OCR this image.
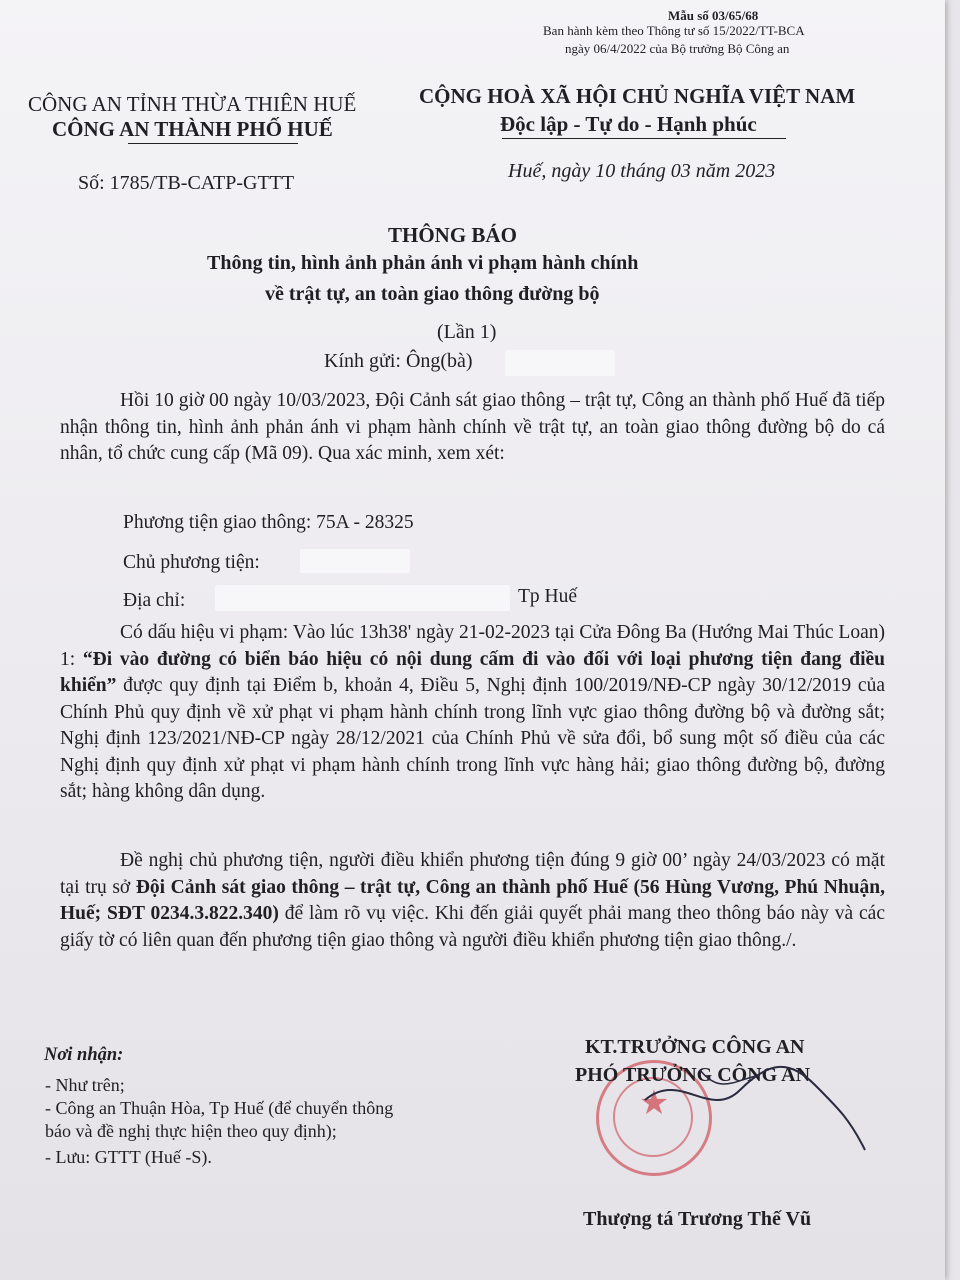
Mẫu số 03/65/68
Ban hành kèm theo Thông tư số 15/2022/TT-BCA
ngày 06/4/2022 của Bộ trưởng Bộ Công an
CÔNG AN TỈNH THỪA THIÊN HUẾ
CÔNG AN THÀNH PHỐ HUẾ
Số: 1785/TB-CATP-GTTT
CỘNG HOÀ XÃ HỘI CHỦ NGHĨA VIỆT NAM
Độc lập - Tự do - Hạnh phúc
Huế, ngày 10 tháng 03 năm 2023
THÔNG BÁO
Thông tin, hình ảnh phản ánh vi phạm hành chính
về trật tự, an toàn giao thông đường bộ
(Lần 1)
Kính gửi: Ông(bà)
Hồi 10 giờ 00 ngày 10/03/2023, Đội Cảnh sát giao thông – trật tự, Công an thành phố Huế đã tiếp nhận thông tin, hình ảnh phản ánh vi phạm hành chính về trật tự, an toàn giao thông đường bộ do cá nhân, tổ chức cung cấp (Mã 09). Qua xác minh, xem xét:
Phương tiện giao thông: 75A - 28325
Chủ phương tiện:
Địa chỉ:	Tp Huế
Có dấu hiệu vi phạm: Vào lúc 13h38' ngày 21-02-2023 tại Cửa Đông Ba (Hướng Mai Thúc Loan) 1: “Đi vào đường có biển báo hiệu có nội dung cấm đi vào đối với loại phương tiện đang điều khiển” được quy định tại Điểm b, khoản 4, Điều 5, Nghị định 100/2019/NĐ-CP ngày 30/12/2019 của Chính Phủ quy định về xử phạt vi phạm hành chính trong lĩnh vực giao thông đường bộ và đường sắt; Nghị định 123/2021/NĐ-CP ngày 28/12/2021 của Chính Phủ về sửa đổi, bổ sung một số điều của các Nghị định quy định xử phạt vi phạm hành chính trong lĩnh vực hàng hải; giao thông đường bộ, đường sắt; hàng không dân dụng.
Đề nghị chủ phương tiện, người điều khiển phương tiện đúng 9 giờ 00’ ngày 24/03/2023 có mặt tại trụ sở Đội Cảnh sát giao thông – trật tự, Công an thành phố Huế (56 Hùng Vương, Phú Nhuận, Huế; SĐT 0234.3.822.340) để làm rõ vụ việc. Khi đến giải quyết phải mang theo thông báo này và các giấy tờ có liên quan đến phương tiện giao thông và người điều khiển phương tiện giao thông./.
Nơi nhận:
- Như trên;
- Công an Thuận Hòa, Tp Huế (để chuyển thông
báo và đề nghị thực hiện theo quy định);
- Lưu: GTTT (Huế -S).
★
KT.TRƯỞNG CÔNG AN
PHÓ TRƯỞNG CÔNG AN
Thượng tá Trương Thế Vũ
